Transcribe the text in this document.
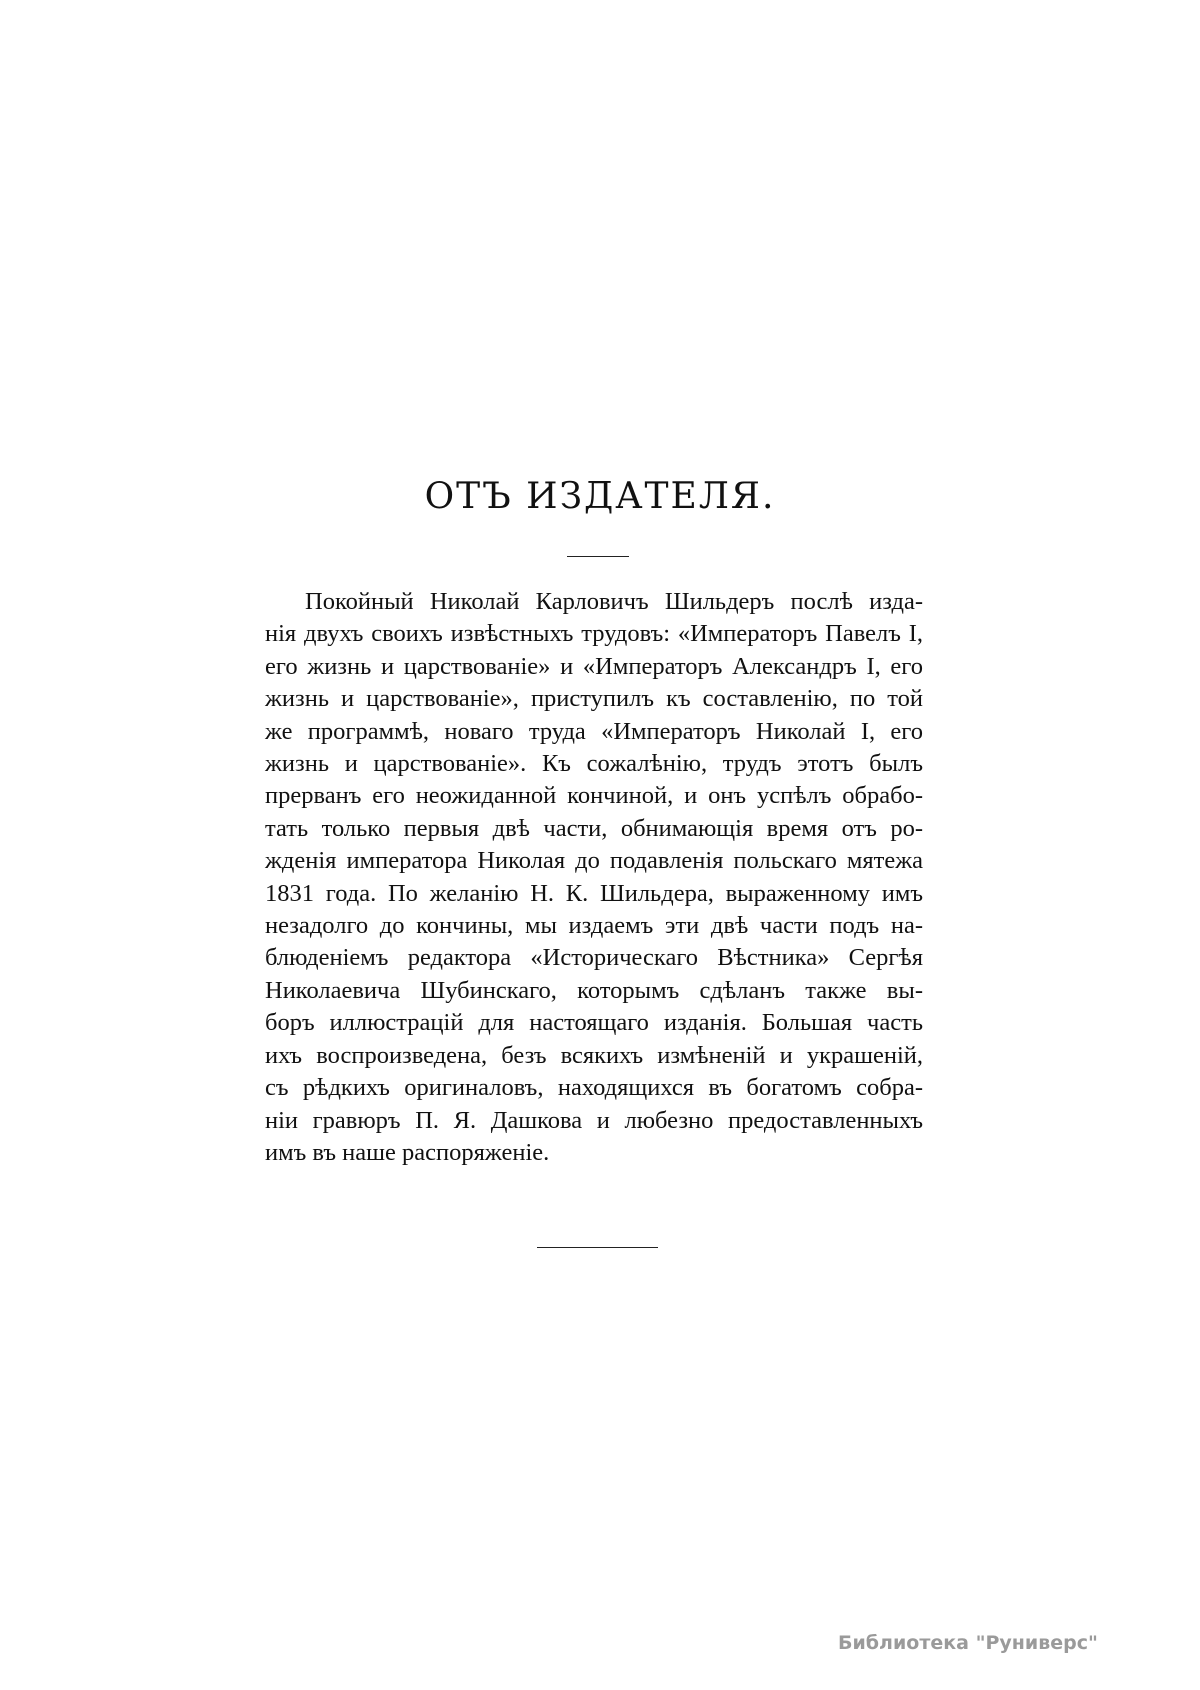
ОТЪ ИЗДАТЕЛЯ.
Покойный Николай Карловичъ Шильдеръ послѣ изда-
нія двухъ своихъ извѣстныхъ трудовъ: «Императоръ Павелъ I,
его жизнь и царствованіе» и «Императоръ Александръ I, его
жизнь и царствованіе», приступилъ къ составленію, по той
же программѣ, новаго труда «Императоръ Николай I, его
жизнь и царствованіе». Къ сожалѣнію, трудъ этотъ былъ
прерванъ его неожиданной кончиной, и онъ успѣлъ обрабо-
тать только первыя двѣ части, обнимающія время отъ ро-
жденія императора Николая до подавленія польскаго мятежа
1831 года. По желанію Н. К. Шильдера, выраженному имъ
незадолго до кончины, мы издаемъ эти двѣ части подъ на-
блюденіемъ редактора «Историческаго Вѣстника» Сергѣя
Николаевича Шубинскаго, которымъ сдѣланъ также вы-
боръ иллюстрацій для настоящаго изданія. Большая часть
ихъ воспроизведена, безъ всякихъ измѣненій и украшеній,
съ рѣдкихъ оригиналовъ, находящихся въ богатомъ собра-
ніи гравюръ П. Я. Дашкова и любезно предоставленныхъ
имъ въ наше распоряженіе.
Библиотека "Руниверс"
